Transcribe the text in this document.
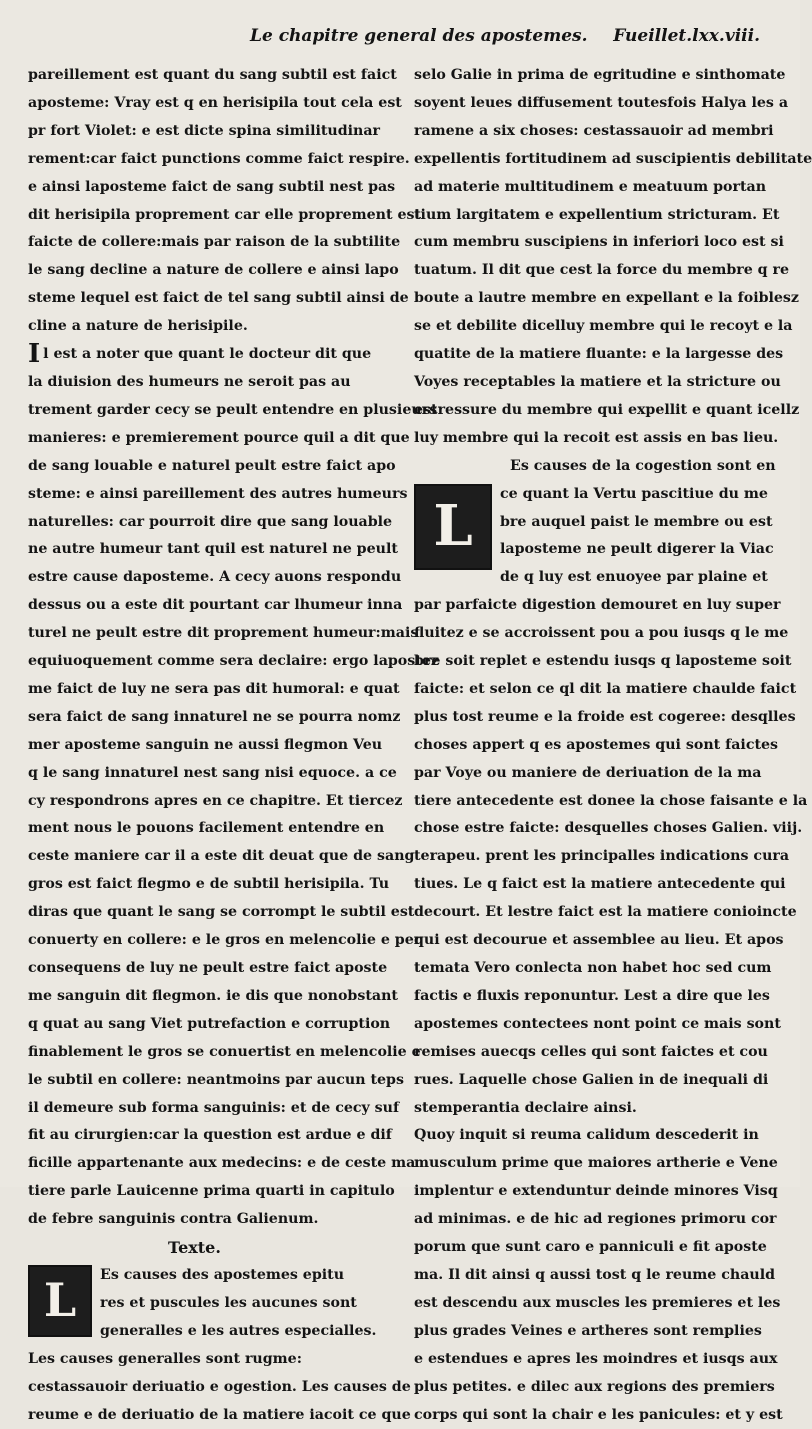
Le chapitre general des apostemes. Fueillet.lxx.viii.

pareillement est quant du sang subtil est faict
aposteme: Vray est q en herisipila tout cela est
pr fort Violet: e est dicte spina similitudinar
rement:car faict punctions comme faict respire.
e ainsi laposteme faict de sang subtil nest pas
dit herisipila proprement car elle proprement est
faicte de collere:mais par raison de la subtilite
le sang decline a nature de collere e ainsi lapo
steme lequel est faict de tel sang subtil ainsi de
cline a nature de herisipile.

Il est a noter que quant le docteur dit que
la diuision des humeurs ne seroit pas au
trement garder cecy se peult entendre en plusieurs
manieres: e premierement pource quil a dit que
de sang louable e naturel peult estre faict apo
steme: e ainsi pareillement des autres humeurs
naturelles: car pourroit dire que sang louable
ne autre humeur tant quil est naturel ne peult
estre cause daposteme. A cecy auons respondu
dessus ou a este dit pourtant car lhumeur inna
turel ne peult estre dit proprement humeur:mais
equiuoquement comme sera declaire: ergo lapostez
me faict de luy ne sera pas dit humoral: e quat
sera faict de sang innaturel ne se pourra nomz
mer aposteme sanguin ne aussi flegmon Veu
q le sang innaturel nest sang nisi equoce. a ce
cy respondrons apres en ce chapitre. Et tiercez
ment nous le pouons facilement entendre en
ceste maniere car il a este dit deuat que de sang
gros est faict flegmo e de subtil herisipila. Tu
diras que quant le sang se corrompt le subtil est
conuerty en collere: e le gros en melencolie e per
consequens de luy ne peult estre faict aposte
me sanguin dit flegmon. ie dis que nonobstant
q quat au sang Viet putrefaction e corruption
finablement le gros se conuertist en melencolie e
le subtil en collere: neantmoins par aucun teps
il demeure sub forma sanguinis: et de cecy suf
fit au cirurgien:car la question est ardue e dif
ficille appartenante aux medecins: e de ceste ma
tiere parle Lauicenne prima quarti in capitulo
de febre sanguinis contra Galienum.

Texte.
L	Es causes des apostemes epitu
res et puscules les aucunes sont
generalles e les autres especialles.
Les causes generalles sont rugme:
cestassauoir deriuatio e ogestion. Les causes de
reume e de deriuatio de la matiere iacoit ce que

selo Galie in prima de egritudine e sinthomate
soyent leues diffusement toutesfois Halya les a
ramene a six choses: cestassauoir ad membri
expellentis fortitudinem ad suscipientis debilitate
ad materie multitudinem e meatuum portan
tium largitatem e expellentium stricturam. Et
cum membru suscipiens in inferiori loco est si
tuatum. Il dit que cest la force du membre q re
boute a lautre membre en expellant e la foiblesz
se et debilite dicelluy membre qui le recoyt e la
quatite de la matiere fluante: e la largesse des
Voyes receptables la matiere et la stricture ou
estressure du membre qui expellit e quant icellz
luy membre qui la recoit est assis en bas lieu.

Es causes de la cogestion sont en
L	ce quant la Vertu pascitiue du me
bre auquel paist le membre ou est
laposteme ne peult digerer la Viac
de q luy est enuoyee par plaine et
par parfaicte digestion demouret en luy super
fluitez e se accroissent pou a pou iusqs q le me
bre soit replet e estendu iusqs q laposteme soit
faicte: et selon ce ql dit la matiere chaulde faict
plus tost reume e la froide est cogeree: desqlles
choses appert q es apostemes qui sont faictes
par Voye ou maniere de deriuation de la ma
tiere antecedente est donee la chose faisante e la
chose estre faicte: desquelles choses Galien. viij.
terapeu. prent les principalles indications cura
tiues. Le q faict est la matiere antecedente qui
decourt. Et lestre faict est la matiere conioincte
qui est decourue et assemblee au lieu. Et apos
temata Vero conlecta non habet hoc sed cum
factis e fluxis reponuntur. Lest a dire que les
apostemes contectees nont point ce mais sont
remises auecqs celles qui sont faictes et cou
rues. Laquelle chose Galien in de inequali di
stemperantia declaire ainsi.

Quoy inquit si reuma calidum descederit in
musculum prime que maiores artherie e Vene
implentur e extenduntur deinde minores Visq
ad minimas. e de hic ad regiones primoru cor
porum que sunt caro e panniculi e fit aposte
ma. Il dit ainsi q aussi tost q le reume chauld
est descendu aux muscles les premieres et les
plus grades Veines e artheres sont remplies
e estendues e apres les moindres et iusqs aux
plus petites. e dilec aux regions des premiers
corps qui sont la chair e les panicules: et y est
